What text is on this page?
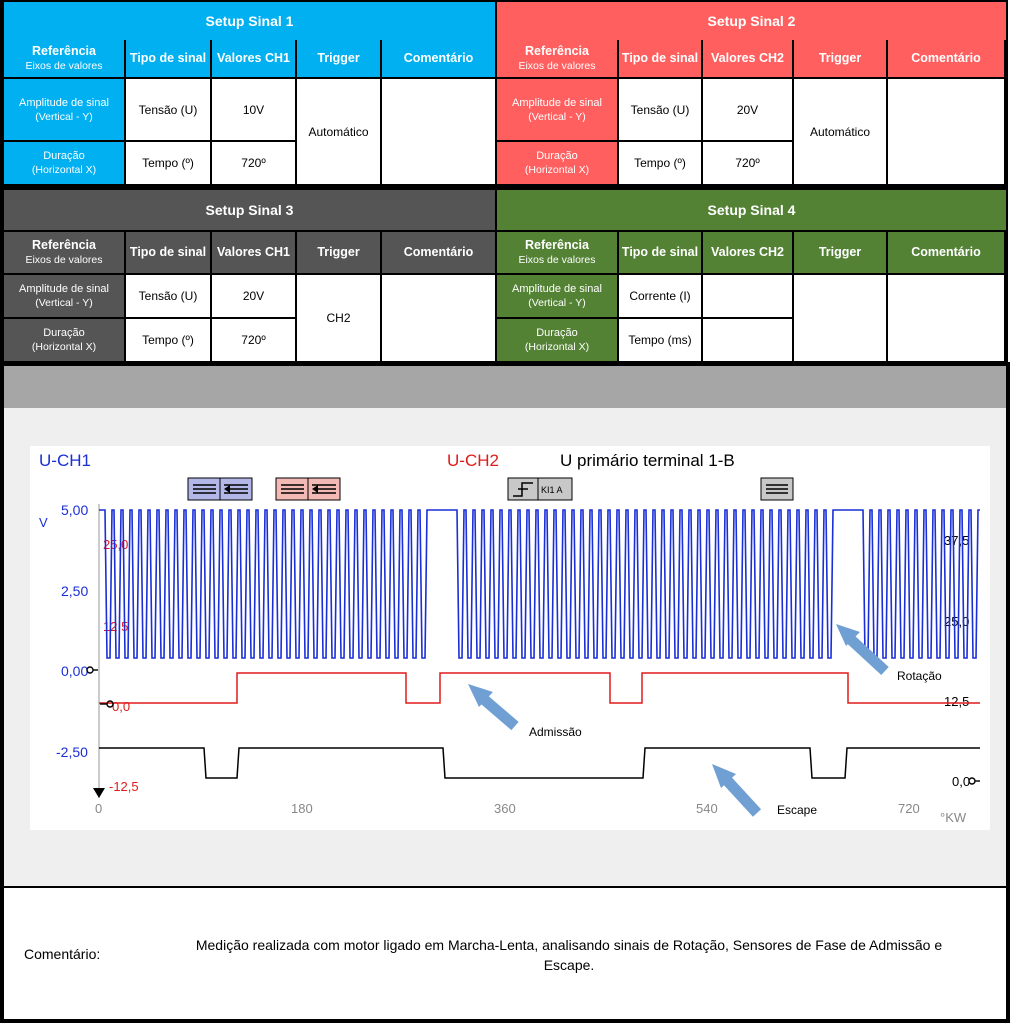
Setup Sinal 1
Referência
Eixos de valores	Tipo de sinal	Valores CH1	Trigger	Comentário
Amplitude de sinal
(Vertical - Y)	Tensão (U)	10V	Automático	
Duração
(Horizontal X)	Tempo (º)	720º		
Setup Sinal 2
Referência
Eixos de valores	Tipo de sinal	Valores CH2	Trigger	Comentário
Amplitude de sinal
(Vertical - Y)	Tensão (U)	20V	Automático	
Duração
(Horizontal X)	Tempo (º)	720º		
Setup Sinal 3
Referência
Eixos de valores	Tipo de sinal	Valores CH1	Trigger	Comentário
Amplitude de sinal
(Vertical - Y)	Tensão (U)	20V	CH2	
Duração
(Horizontal X)	Tempo (º)	720º		
Setup Sinal 4
Referência
Eixos de valores	Tipo de sinal	Valores CH2	Trigger	Comentário
Amplitude de sinal
(Vertical - Y)	Corrente (I)			
Duração
(Horizontal X)	Tempo (ms)			
Comentário:
Medição realizada com motor ligado em Marcha-Lenta, analisando sinais de Rotação, Sensores de Fase de Admissão e Escape.
U-CH1	U-CH2	U primário terminal 1-B
V
KI1 A
5,00
2,50
0,00
-2,50
25,0
12,5
0,0
-12,5
37,5
25,0
12,5
0,0
0	180	360	540	720
°KW
Rotação
Admissão
Escape
